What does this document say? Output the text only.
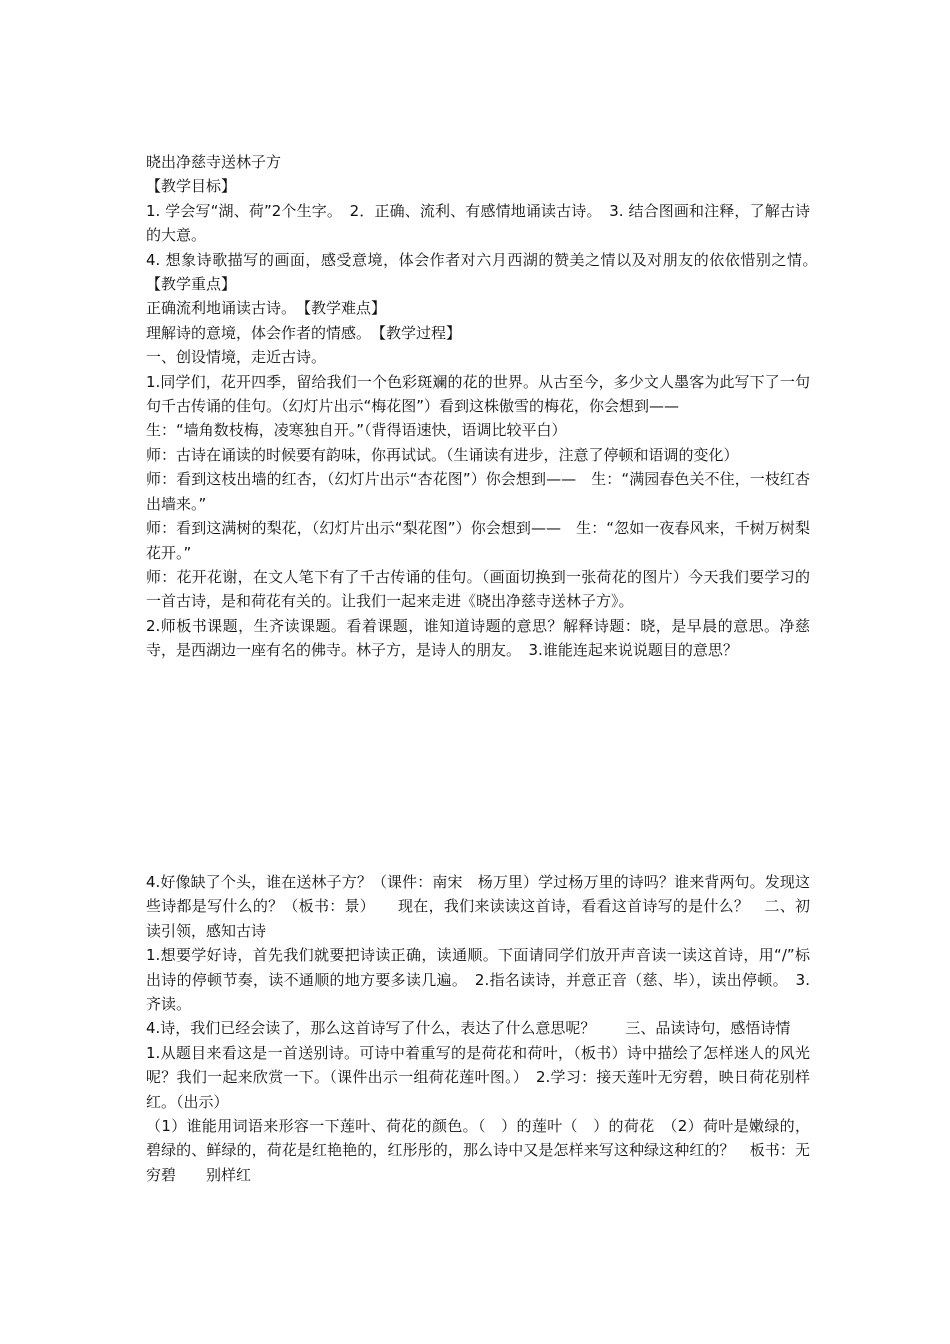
晓出净慈寺送林子方

【教学目标】

1. 学会写“湖、荷”2个生字。　2．正确、流利、有感情地诵读古诗。　3. 结合图画和注释，了解古诗的大意。

4. 想象诗歌描写的画面，感受意境，体会作者对六月西湖的赞美之情以及对朋友的依依惜别之情。　【教学重点】

正确流利地诵读古诗。　【教学难点】

理解诗的意境，体会作者的情感。　【教学过程】

一、创设情境，走近古诗。

1.同学们，花开四季，留给我们一个色彩斑斓的花的世界。从古至今，多少文人墨客为此写下了一句句千古传诵的佳句。（幻灯片出示“梅花图”）看到这株傲雪的梅花，你会想到——

生：“墙角数枝梅，凌寒独自开。”（背得语速快，语调比较平白）

师：古诗在诵读的时候要有韵味，你再试试。（生诵读有进步，注意了停顿和语调的变化）

师：看到这枝出墙的红杏，（幻灯片出示“杏花图”）你会想到——　生：“满园春色关不住，一枝红杏出墙来。”

师：看到这满树的梨花，（幻灯片出示“梨花图”）你会想到——　生：“忽如一夜春风来，千树万树梨花开。”

师：花开花谢，在文人笔下有了千古传诵的佳句。（画面切换到一张荷花的图片）今天我们要学习的一首古诗，是和荷花有关的。让我们一起来走进《晓出净慈寺送林子方》。

2.师板书课题，生齐读课题。看着课题，谁知道诗题的意思？解释诗题：晓，是早晨的意思。净慈寺，是西湖边一座有名的佛寺。林子方，是诗人的朋友。　3.谁能连起来说说题目的意思？

4.好像缺了个头，谁在送林子方？（课件：南宋　杨万里）学过杨万里的诗吗？谁来背两句。发现这些诗都是写什么的？（板书：景）　　现在，我们来读读这首诗，看看这首诗写的是什么？　二、初读引领，感知古诗

1.想要学好诗，首先我们就要把诗读正确，读通顺。下面请同学们放开声音读一读这首诗，用“/”标出诗的停顿节奏，读不通顺的地方要多读几遍。　2.指名读诗，并意正音（慈、毕），读出停顿。　3.齐读。

4.诗，我们已经会读了，那么这首诗写了什么，表达了什么意思呢？　　三、品读诗句，感悟诗情

1.从题目来看这是一首送别诗。可诗中着重写的是荷花和荷叶，（板书）诗中描绘了怎样迷人的风光呢？我们一起来欣赏一下。（课件出示一组荷花莲叶图。）　2.学习：接天莲叶无穷碧，映日荷花别样红。（出示）

（1）谁能用词语来形容一下莲叶、荷花的颜色。（　）的莲叶（　）的荷花　（2）荷叶是嫩绿的，碧绿的、鲜绿的，荷花是红艳艳的，红彤彤的，那么诗中又是怎样来写这种绿这种红的？　板书：无穷碧　　别样红
